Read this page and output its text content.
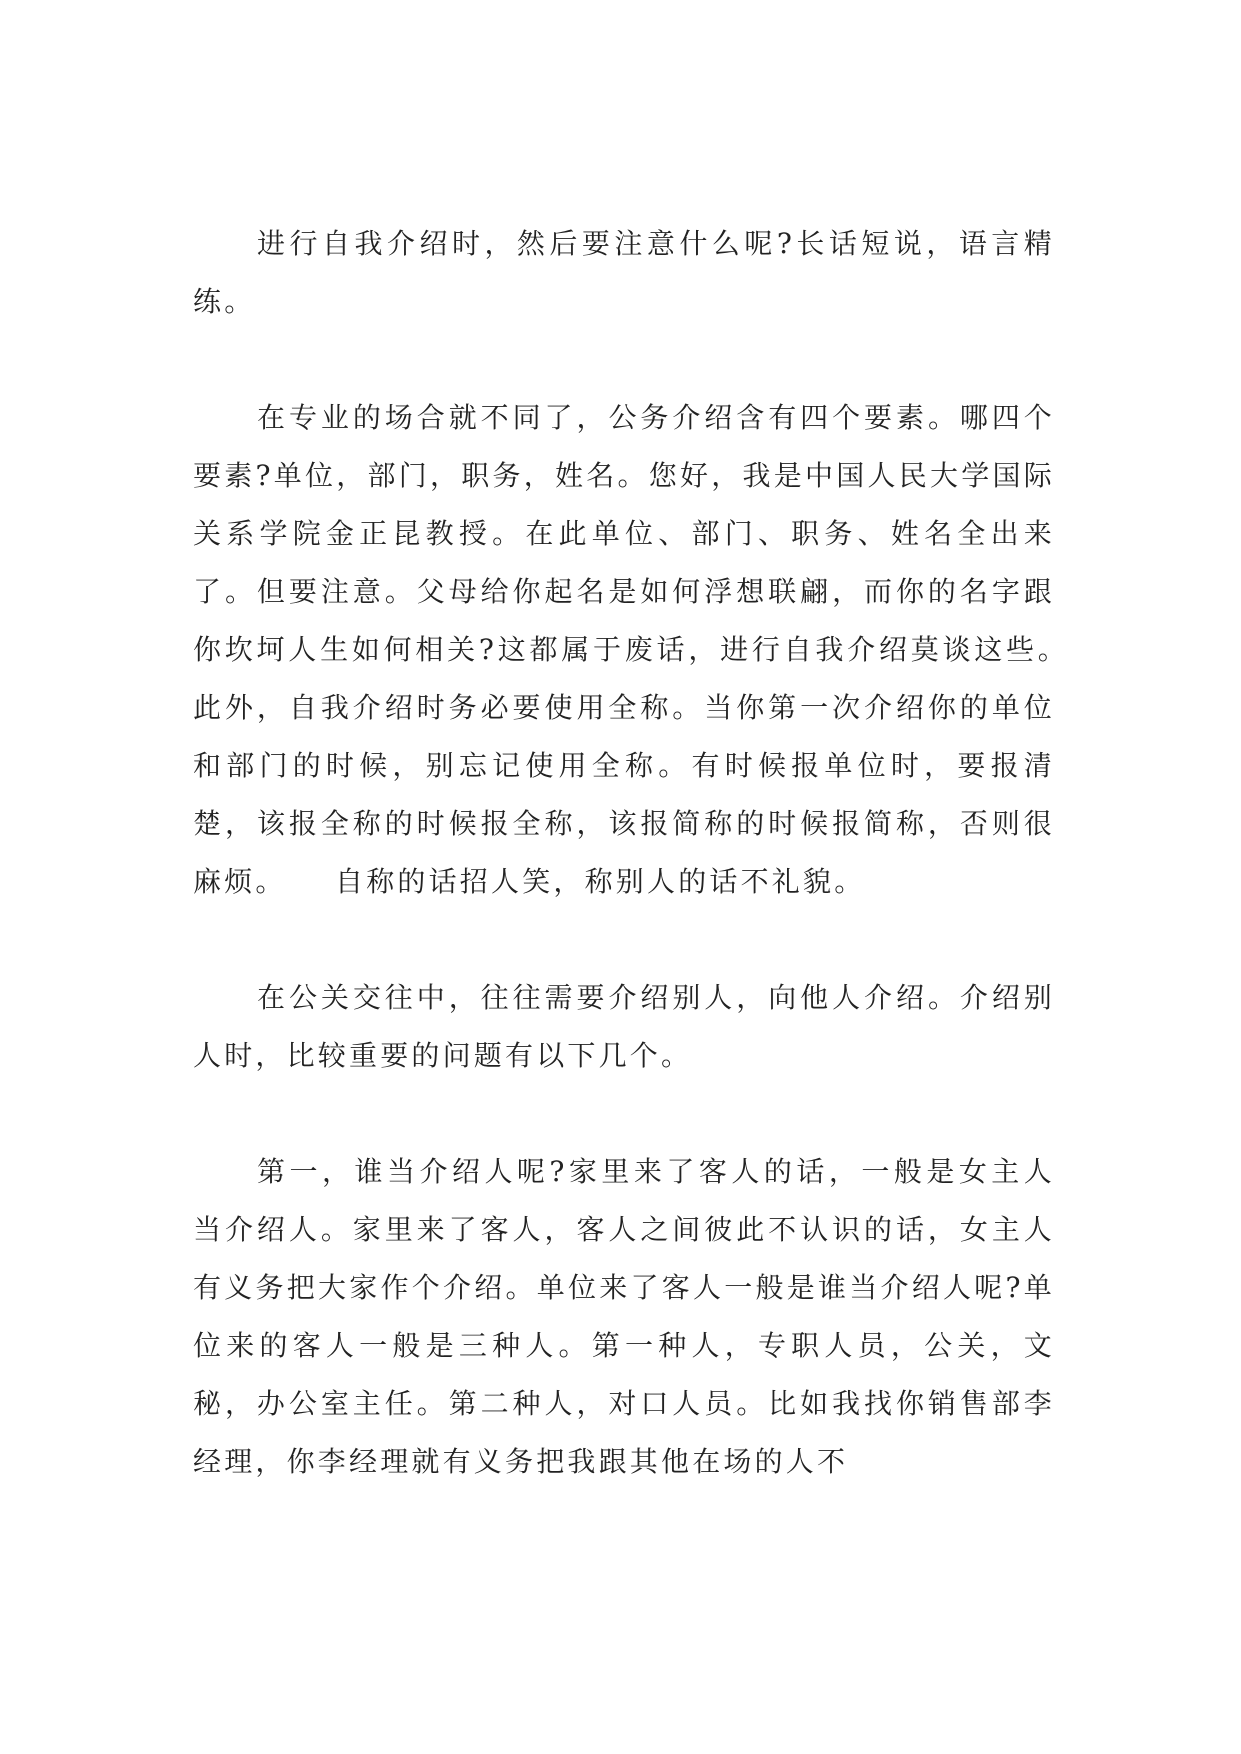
进行自我介绍时，然后要注意什么呢?长话短说，语言精练。

在专业的场合就不同了，公务介绍含有四个要素。哪四个要素?单位，部门，职务，姓名。您好，我是中国人民大学国际关系学院金正昆教授。在此单位、部门、职务、姓名全出来了。但要注意。父母给你起名是如何浮想联翩，而你的名字跟你坎坷人生如何相关?这都属于废话，进行自我介绍莫谈这些。　　此外，自我介绍时务必要使用全称。当你第一次介绍你的单位和部门的时候，别忘记使用全称。有时候报单位时，要报清楚，该报全称的时候报全称，该报简称的时候报简称，否则很麻烦。　　自称的话招人笑，称别人的话不礼貌。

在公关交往中，往往需要介绍别人，向他人介绍。介绍别人时，比较重要的问题有以下几个。

第一，谁当介绍人呢?家里来了客人的话，一般是女主人当介绍人。家里来了客人，客人之间彼此不认识的话，女主人有义务把大家作个介绍。单位来了客人一般是谁当介绍人呢?单位来的客人一般是三种人。第一种人，专职人员，公关，文秘，办公室主任。第二种人，对口人员。比如我找你销售部李经理，你李经理就有义务把我跟其他在场的人不
